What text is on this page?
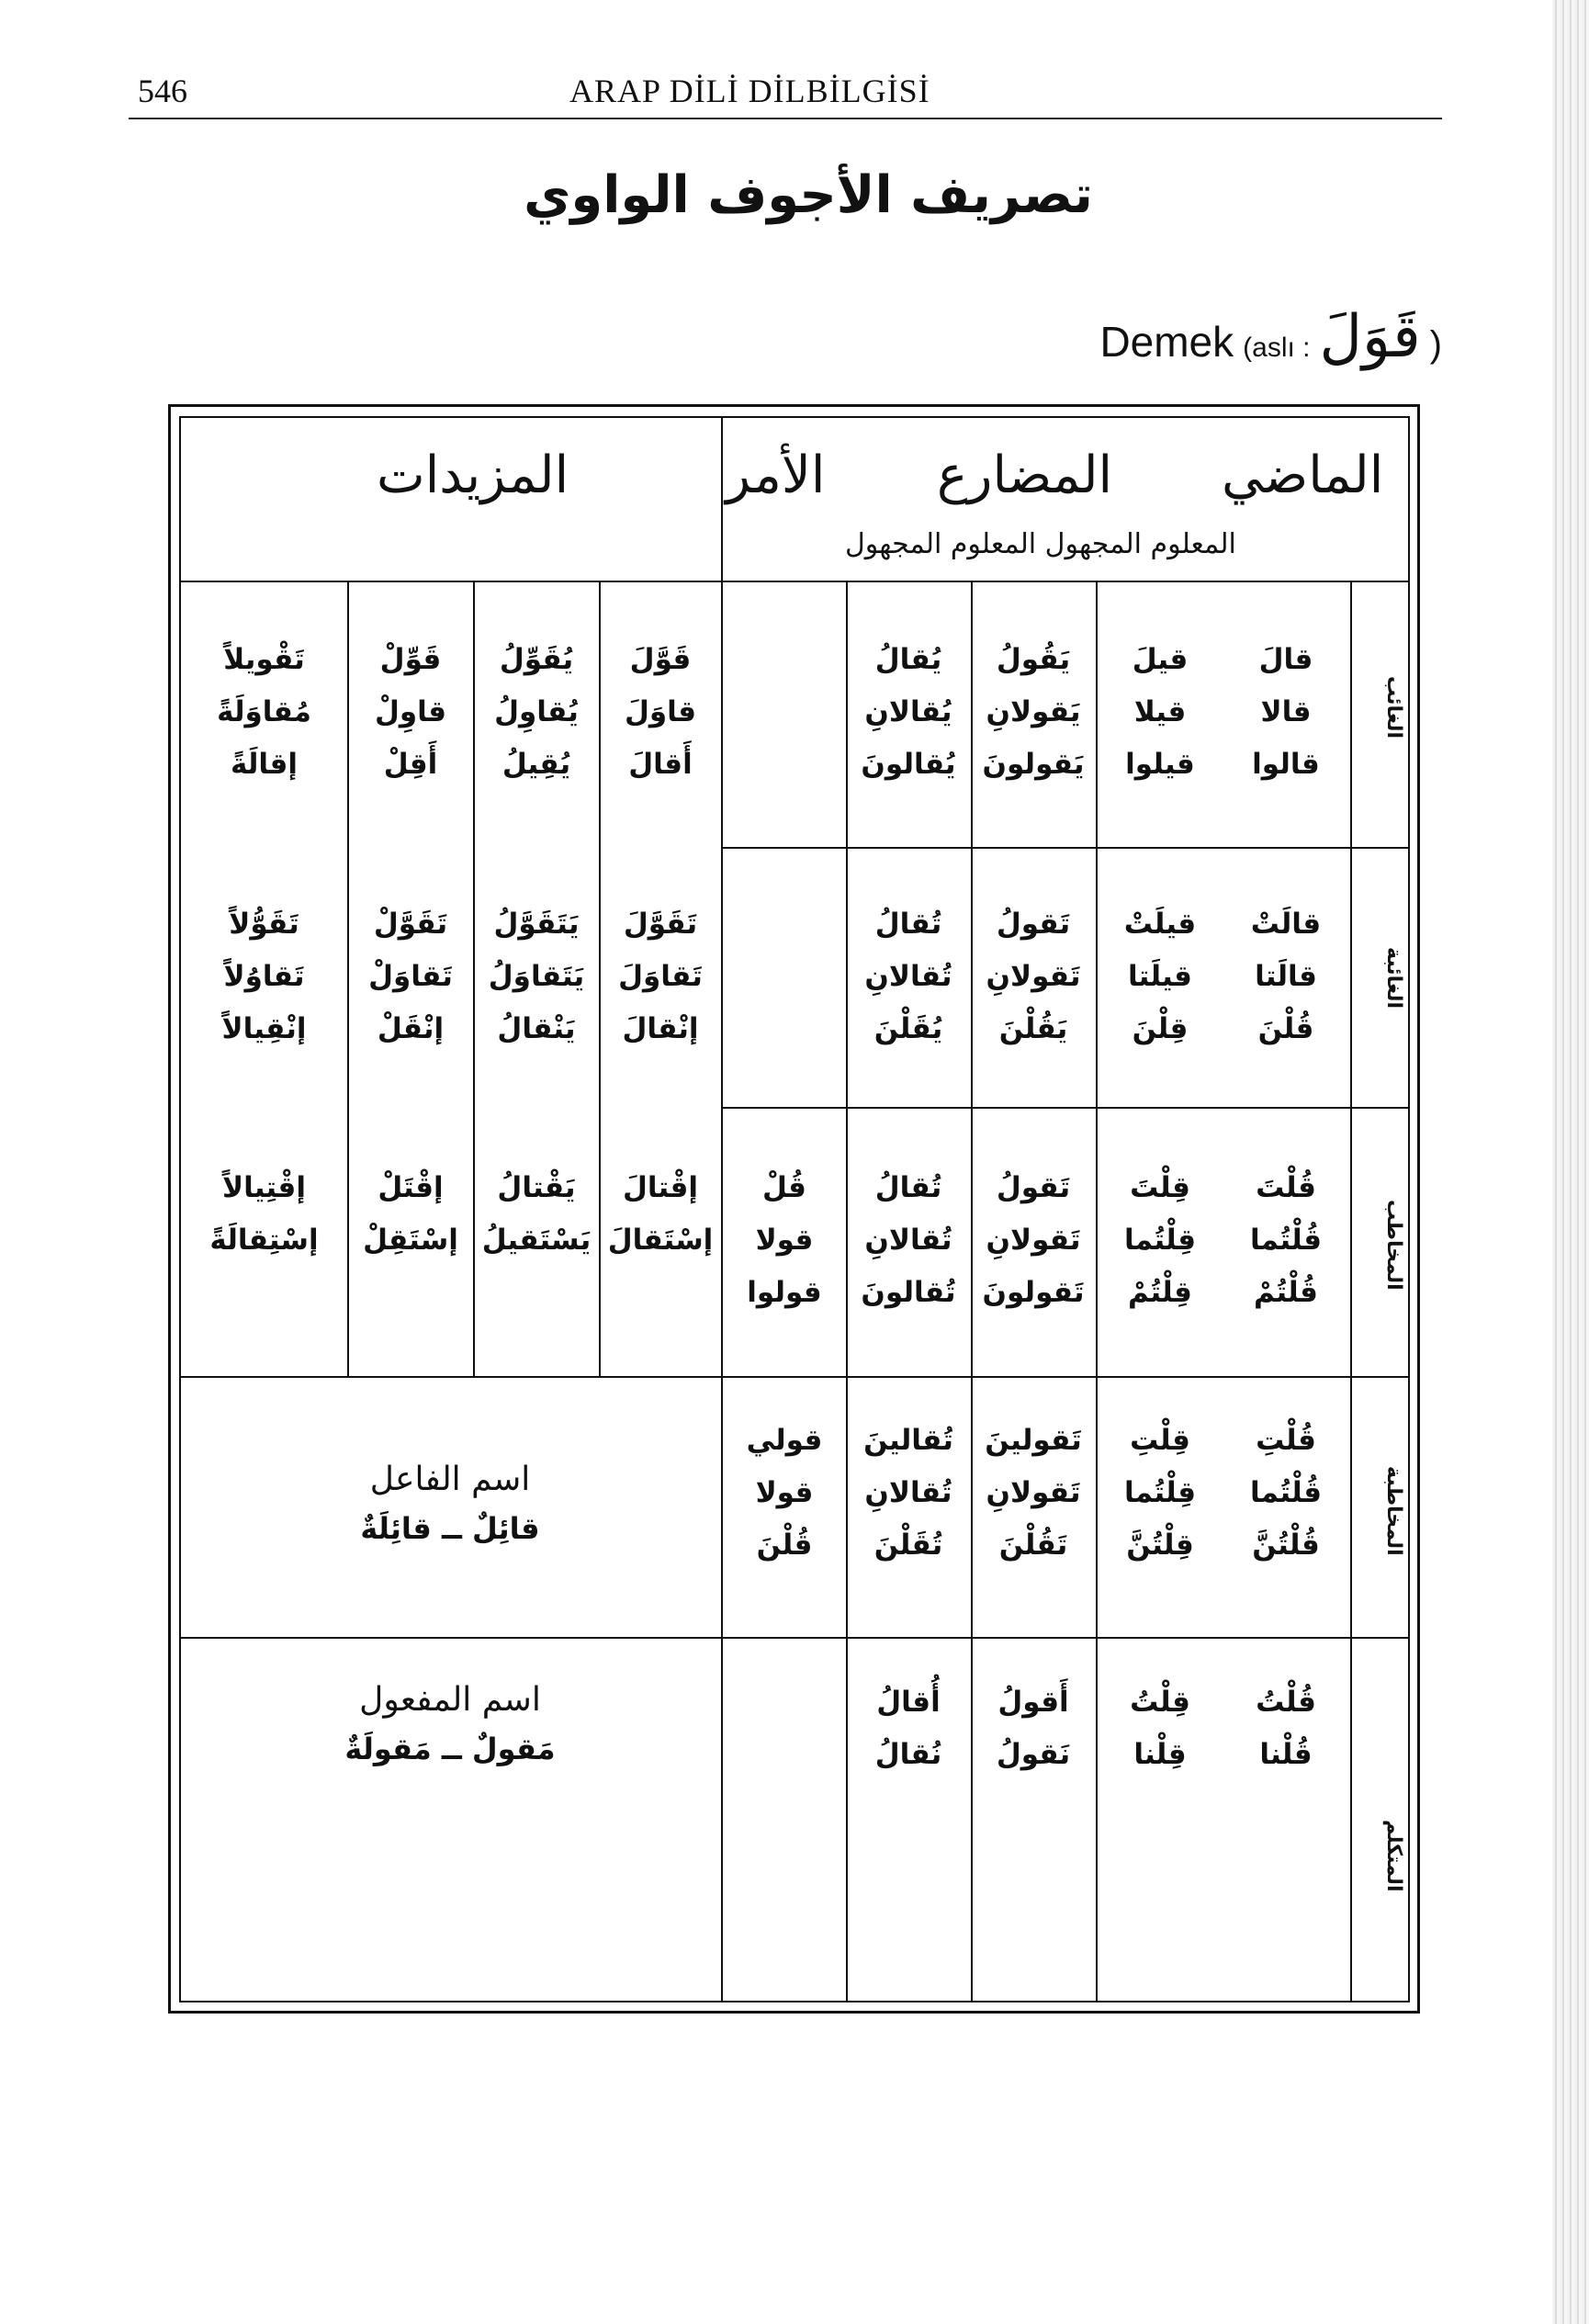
546	ARAP DİLİ DİLBİLGİSİ
تصريف الأجوف الواوي
Demek (aslı : قَوَلَ )
الماضي
المضارع
الأمر
المزيدات
المعلوم المجهول المعلوم المجهول
الغائب
الغائبة
المخاطب
المخاطبة
المتكلم
قالَ
قالا
قالوا
قيلَ
قيلا
قيلوا
يَقُولُ
يَقولانِ
يَقولونَ
يُقالُ
يُقالانِ
يُقالونَ
قالَتْ
قالَتا
قُلْنَ
قيلَتْ
قيلَتا
قِلْنَ
تَقولُ
تَقولانِ
يَقُلْنَ
تُقالُ
تُقالانِ
يُقَلْنَ
قُلْتَ
قُلْتُما
قُلْتُمْ
قِلْتَ
قِلْتُما
قِلْتُمْ
تَقولُ
تَقولانِ
تَقولونَ
تُقالُ
تُقالانِ
تُقالونَ
قُلْ
قولا
قولوا
قُلْتِ
قُلْتُما
قُلْتُنَّ
قِلْتِ
قِلْتُما
قِلْتُنَّ
تَقولينَ
تَقولانِ
تَقُلْنَ
تُقالينَ
تُقالانِ
تُقَلْنَ
قولي
قولا
قُلْنَ
قُلْتُ
قُلْنا
قِلْتُ
قِلْنا
أَقولُ
نَقولُ
أُقالُ
نُقالُ
قَوَّلَ
قاوَلَ
أَقالَ
يُقَوِّلُ
يُقاوِلُ
يُقِيلُ
قَوِّلْ
قاوِلْ
أَقِلْ
تَقْويلاً
مُقاوَلَةً
إقالَةً
تَقَوَّلَ
تَقاوَلَ
إنْقالَ
يَتَقَوَّلُ
يَتَقاوَلُ
يَنْقالُ
تَقَوَّلْ
تَقاوَلْ
إنْقَلْ
تَقَوُّلاً
تَقاوُلاً
إنْقِيالاً
إقْتالَ
إسْتَقالَ
يَقْتالُ
يَسْتَقيلُ
إقْتَلْ
إسْتَقِلْ
إقْتِيالاً
إسْتِقالَةً
اسم الفاعل
قائِلٌ ــ قائِلَةٌ
اسم المفعول
مَقولٌ ــ مَقولَةٌ
